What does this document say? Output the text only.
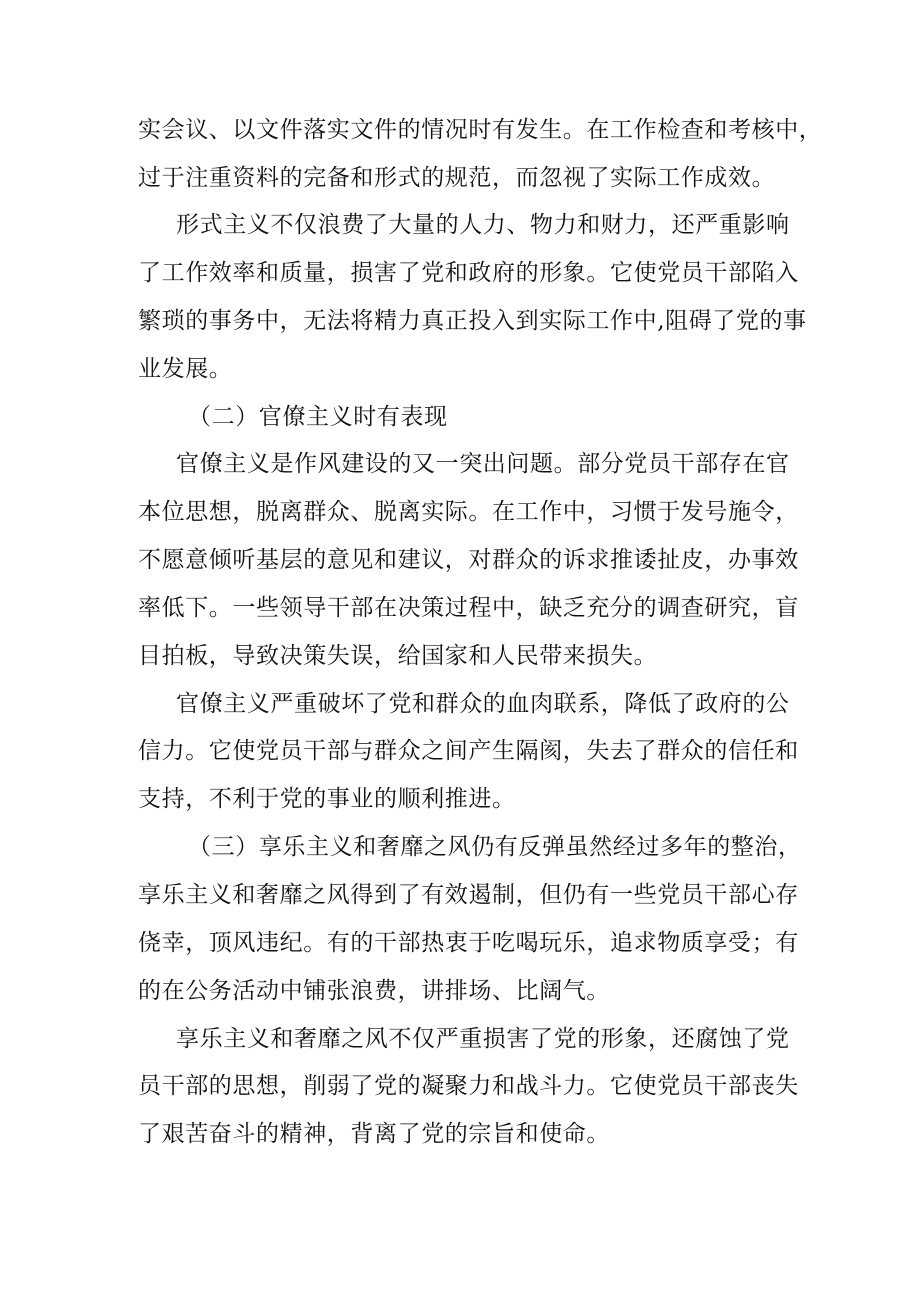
实会议、以文件落实文件的情况时有发生。在工作检查和考核中，
过于注重资料的完备和形式的规范，而忽视了实际工作成效。
形式主义不仅浪费了大量的人力、物力和财力，还严重影响
了工作效率和质量，损害了党和政府的形象。它使党员干部陷入
繁琐的事务中，无法将精力真正投入到实际工作中,阻碍了党的事
业发展。
（二）官僚主义时有表现
官僚主义是作风建设的又一突出问题。部分党员干部存在官
本位思想，脱离群众、脱离实际。在工作中，习惯于发号施令，
不愿意倾听基层的意见和建议，对群众的诉求推诿扯皮，办事效
率低下。一些领导干部在决策过程中，缺乏充分的调查研究，盲
目拍板，导致决策失误，给国家和人民带来损失。
官僚主义严重破坏了党和群众的血肉联系，降低了政府的公
信力。它使党员干部与群众之间产生隔阂，失去了群众的信任和
支持，不利于党的事业的顺利推进。
（三）享乐主义和奢靡之风仍有反弹虽然经过多年的整治，
享乐主义和奢靡之风得到了有效遏制，但仍有一些党员干部心存
侥幸，顶风违纪。有的干部热衷于吃喝玩乐，追求物质享受；有
的在公务活动中铺张浪费，讲排场、比阔气。
享乐主义和奢靡之风不仅严重损害了党的形象，还腐蚀了党
员干部的思想，削弱了党的凝聚力和战斗力。它使党员干部丧失
了艰苦奋斗的精神，背离了党的宗旨和使命。
